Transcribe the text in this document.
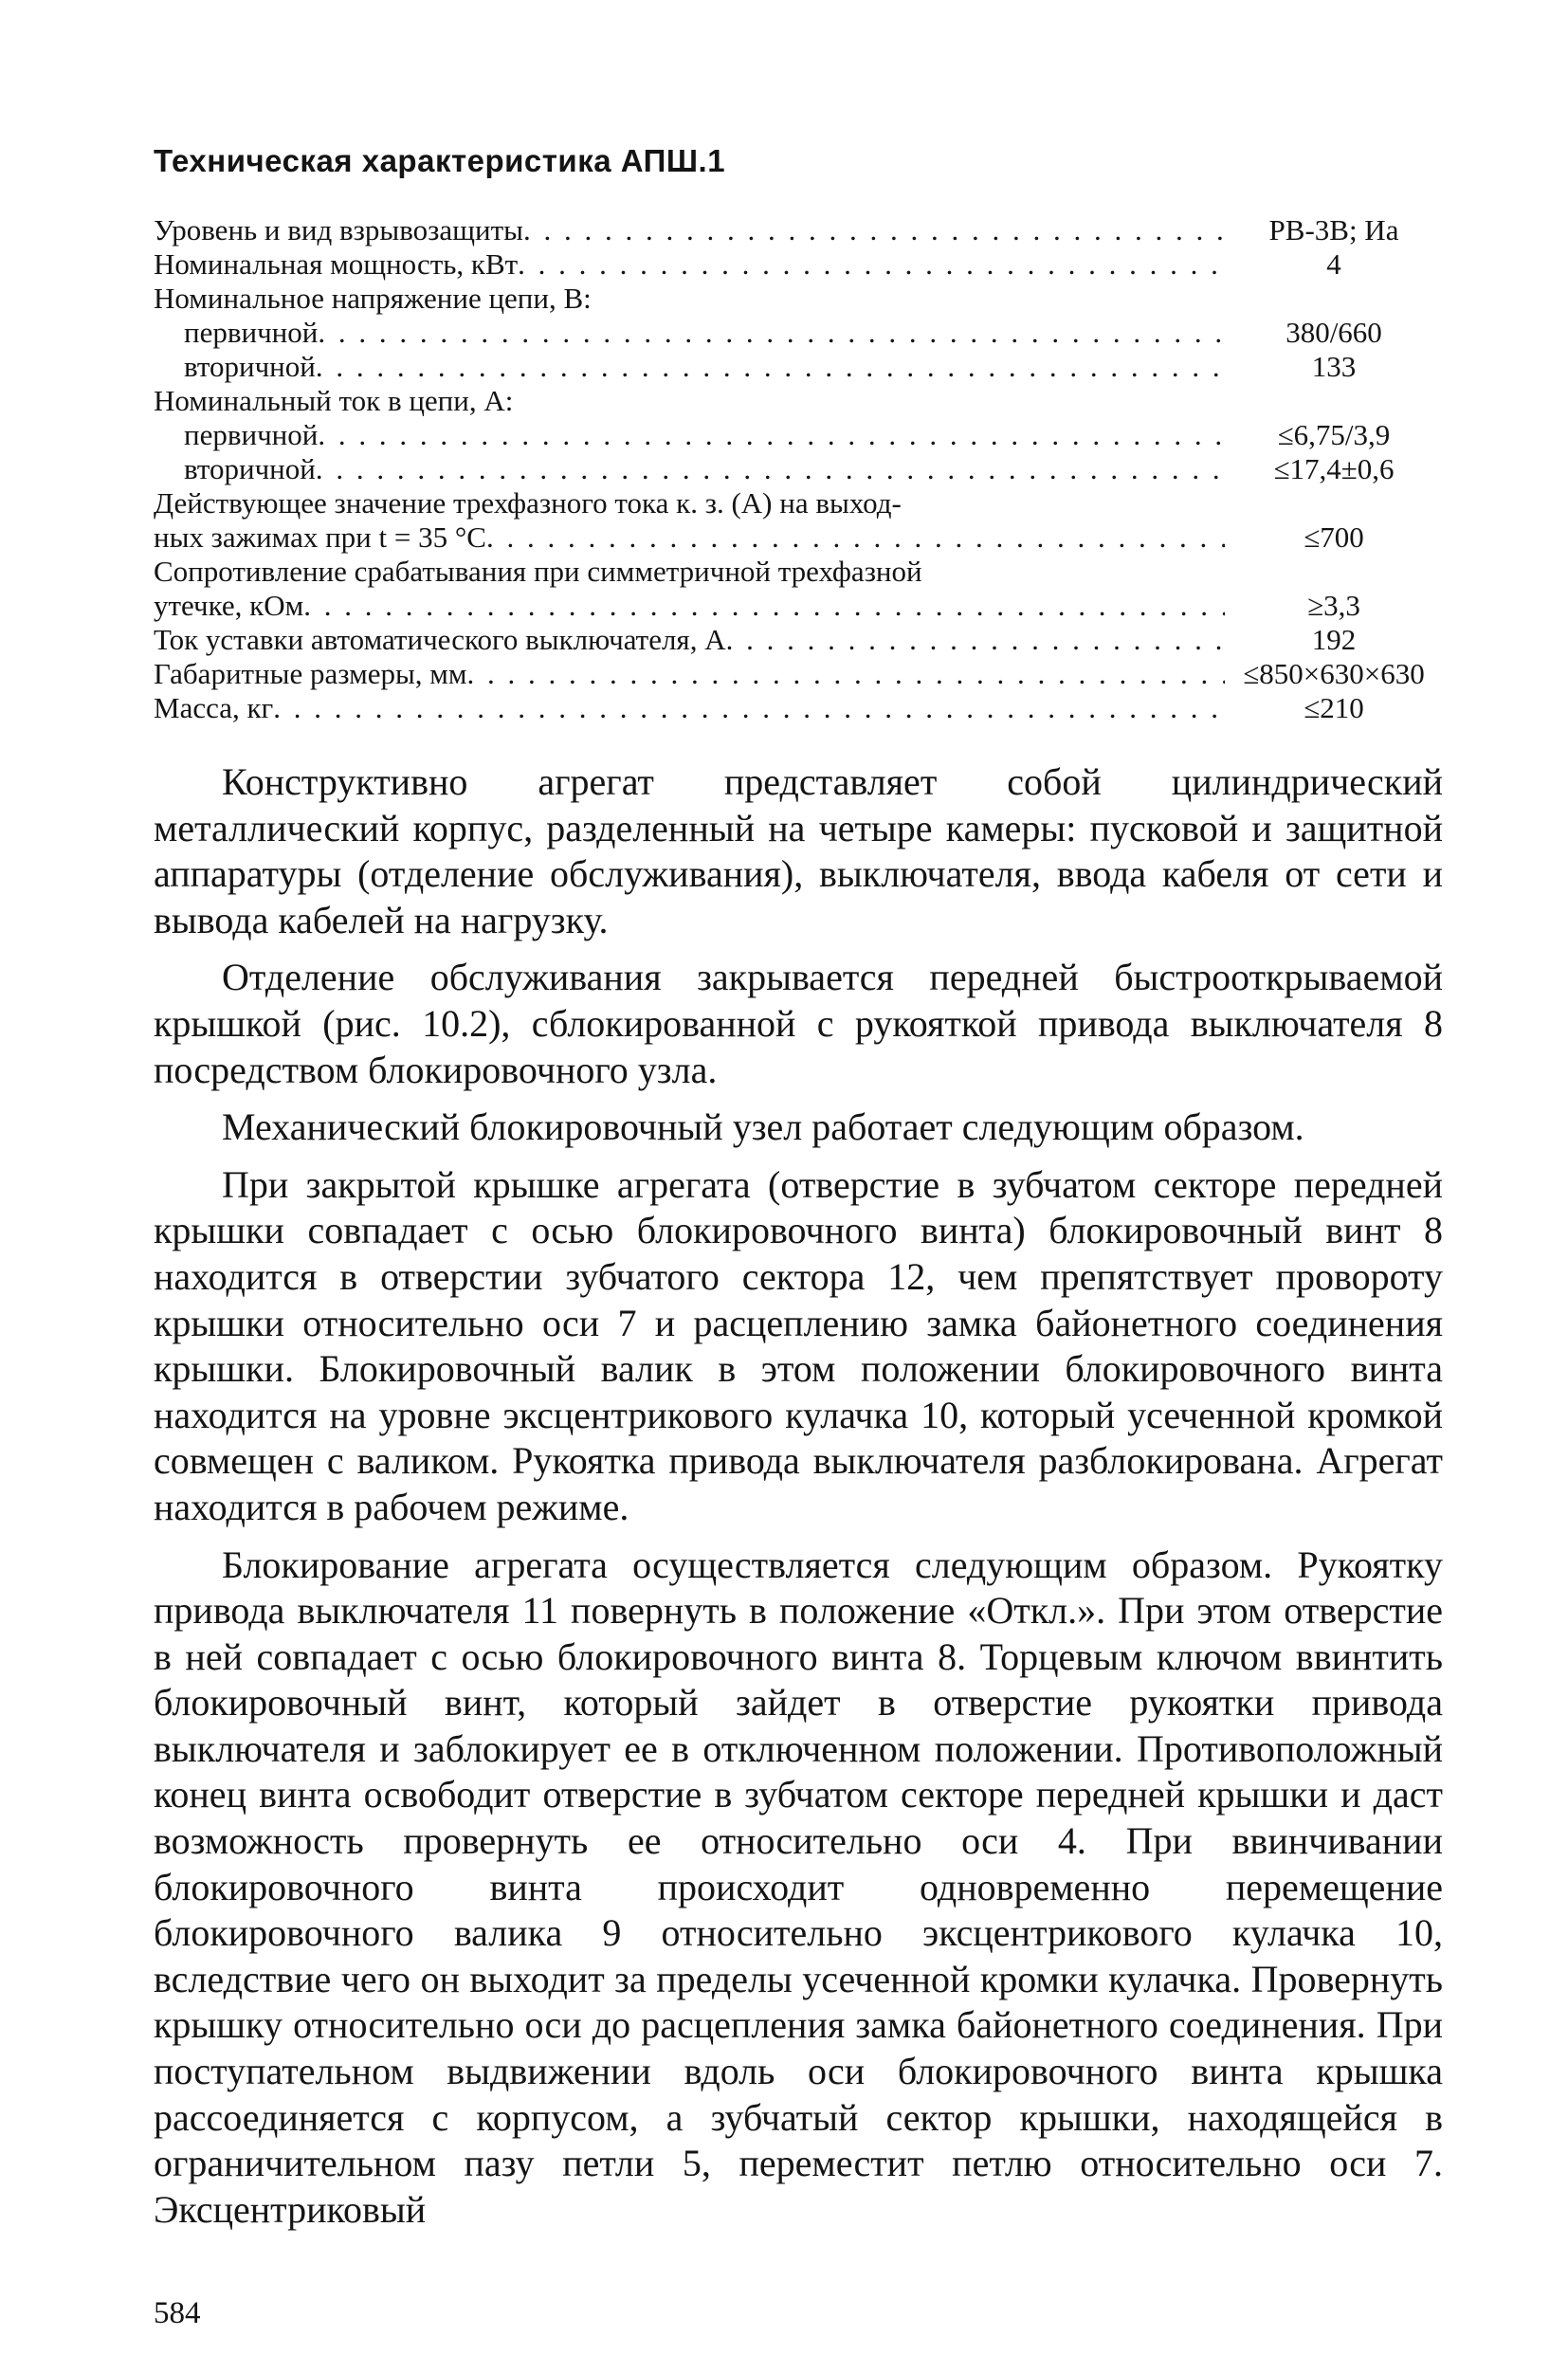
Техническая характеристика АПШ.1
Уровень и вид взрывозащиты . . .	РВ-3В; Иа
Номинальная мощность, кВт . . .	4
Номинальное напряжение цепи, В:
первичной . . .	380/660
вторичной . . .	133
Номинальный ток в цепи, А:
первичной . . .	≤6,75/3,9
вторичной . . .	≤17,4±0,6
Действующее значение трехфазного тока к. з. (А) на выход-
ных зажимах при t = 35 °С . . .	≤700
Сопротивление срабатывания при симметричной трехфазной
утечке, кОм . . .	≥3,3
Ток уставки автоматического выключателя, А . . .	192
Габаритные размеры, мм . . .	≤850×630×630
Масса, кг . . .	≤210

Конструктивно агрегат представляет собой цилиндрический металлический корпус, разделенный на четыре камеры: пусковой и защитной аппаратуры (отделение обслуживания), выключателя, ввода кабеля от сети и вывода кабелей на нагрузку.

Отделение обслуживания закрывается передней быстрооткрываемой крышкой (рис. 10.2), сблокированной с рукояткой привода выключателя 8 посредством блокировочного узла.

Механический блокировочный узел работает следующим образом.

При закрытой крышке агрегата (отверстие в зубчатом секторе передней крышки совпадает с осью блокировочного винта) блокировочный винт 8 находится в отверстии зубчатого сектора 12, чем препятствует провороту крышки относительно оси 7 и расцеплению замка байонетного соединения крышки. Блокировочный валик в этом положении блокировочного винта находится на уровне эксцентрикового кулачка 10, который усеченной кромкой совмещен с валиком. Рукоятка привода выключателя разблокирована. Агрегат находится в рабочем режиме.

Блокирование агрегата осуществляется следующим образом. Рукоятку привода выключателя 11 повернуть в положение «Откл.». При этом отверстие в ней совпадает с осью блокировочного винта 8. Торцевым ключом ввинтить блокировочный винт, который зайдет в отверстие рукоятки привода выключателя и заблокирует ее в отключенном положении. Противоположный конец винта освободит отверстие в зубчатом секторе передней крышки и даст возможность провернуть ее относительно оси 4. При ввинчивании блокировочного винта происходит одновременно перемещение блокировочного валика 9 относительно эксцентрикового кулачка 10, вследствие чего он выходит за пределы усеченной кромки кулачка. Провернуть крышку относительно оси до расцепления замка байонетного соединения. При поступательном выдвижении вдоль оси блокировочного винта крышка рассоединяется с корпусом, а зубчатый сектор крышки, находящейся в ограничительном пазу петли 5, переместит петлю относительно оси 7. Эксцентриковый

584
